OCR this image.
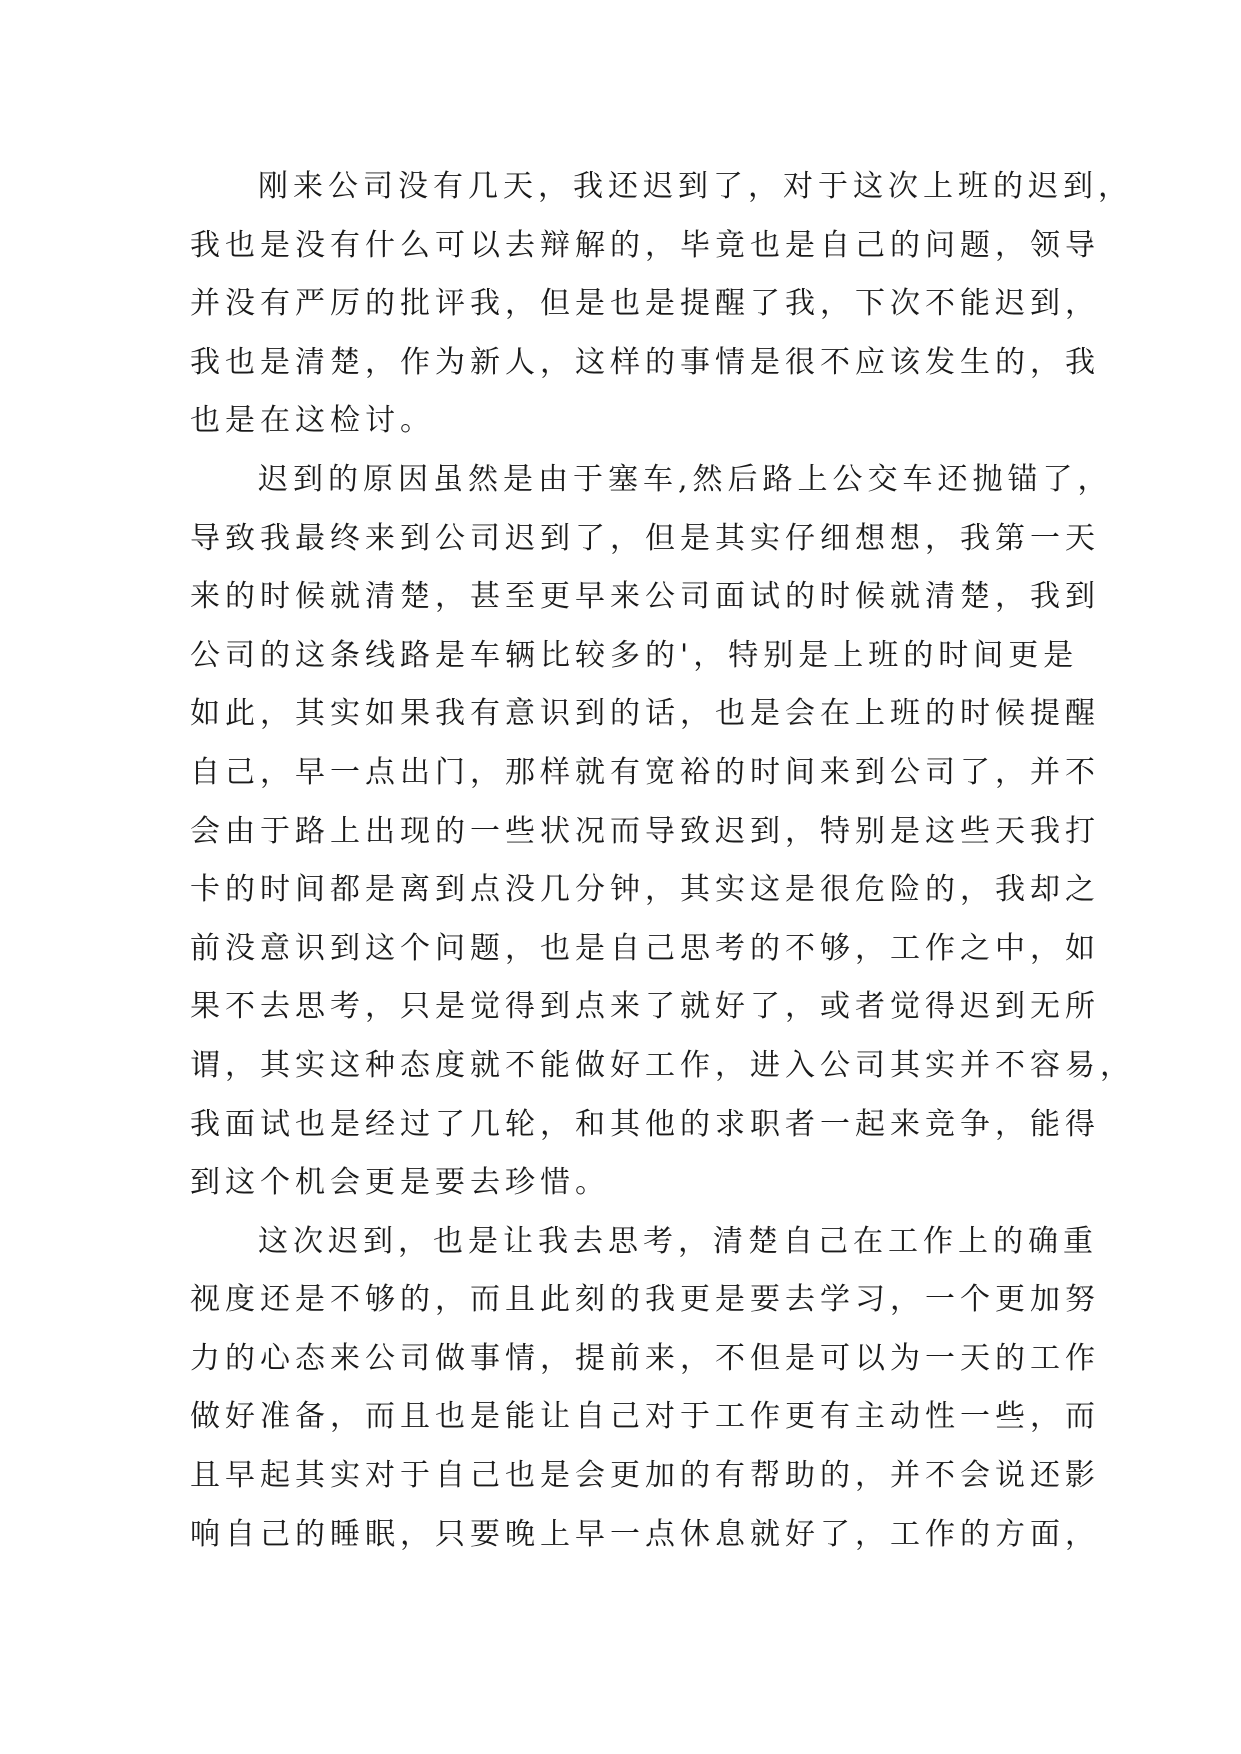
刚来公司没有几天，我还迟到了，对于这次上班的迟到，
我也是没有什么可以去辩解的，毕竟也是自己的问题，领导
并没有严厉的批评我，但是也是提醒了我，下次不能迟到，
我也是清楚，作为新人，这样的事情是很不应该发生的，我
也是在这检讨。
迟到的原因虽然是由于塞车,然后路上公交车还抛锚了，
导致我最终来到公司迟到了，但是其实仔细想想，我第一天
来的时候就清楚，甚至更早来公司面试的时候就清楚，我到
公司的这条线路是车辆比较多的'，特别是上班的时间更是
如此，其实如果我有意识到的话，也是会在上班的时候提醒
自己，早一点出门，那样就有宽裕的时间来到公司了，并不
会由于路上出现的一些状况而导致迟到，特别是这些天我打
卡的时间都是离到点没几分钟，其实这是很危险的，我却之
前没意识到这个问题，也是自己思考的不够，工作之中，如
果不去思考，只是觉得到点来了就好了，或者觉得迟到无所
谓，其实这种态度就不能做好工作，进入公司其实并不容易，
我面试也是经过了几轮，和其他的求职者一起来竞争，能得
到这个机会更是要去珍惜。
这次迟到，也是让我去思考，清楚自己在工作上的确重
视度还是不够的，而且此刻的我更是要去学习，一个更加努
力的心态来公司做事情，提前来，不但是可以为一天的工作
做好准备，而且也是能让自己对于工作更有主动性一些，而
且早起其实对于自己也是会更加的有帮助的，并不会说还影
响自己的睡眠，只要晚上早一点休息就好了，工作的方面，
